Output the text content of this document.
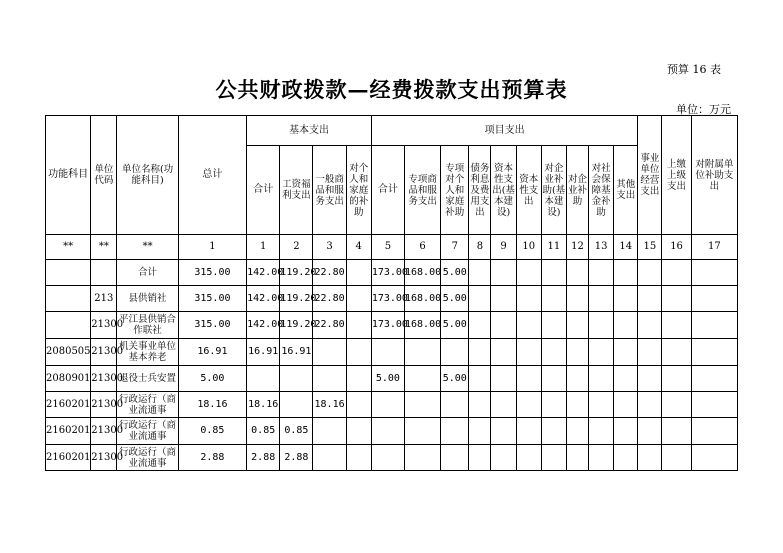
预算 16 表
公共财政拨款—经费拨款支出预算表
单位：万元
功能科目	单位代码	单位名称(功能科目)	总计	基本支出				项目支出										事业单位经营支出	上缴上级支出	对附属单位补助支出
				合计	工资福利支出	一般商品和服务支出	对个人和家庭的补助	合计	专项商品和服务支出	专项对个人和家庭补助	债务利息及费用支出	资本性支出(基本建设)	资本性支出	对企业补助(基本建设)	对企业补助	对社会保障基金补助	其他支出			
**	**	**	1	1	2	3	4	5	6	7	8	9	10	11	12	13	14	15	16	17
		合计	315.00	142.00	119.20	22.80		173.00	168.00	5.00										
	213	县供销社	315.00	142.00	119.20	22.80		173.00	168.00	5.00										
	21300	平江县供销合作联社	315.00	142.00	119.20	22.80		173.00	168.00	5.00										
2080505	21300	机关事业单位基本养老	16.91	16.91	16.91															
2080901	21300	退役士兵安置	5.00					5.00		5.00										
2160201	21300	行政运行（商业流通事	18.16	18.16		18.16														
2160201	21300	行政运行（商业流通事	0.85	0.85	0.85															
2160201	21300	行政运行（商业流通事	2.88	2.88	2.88															
